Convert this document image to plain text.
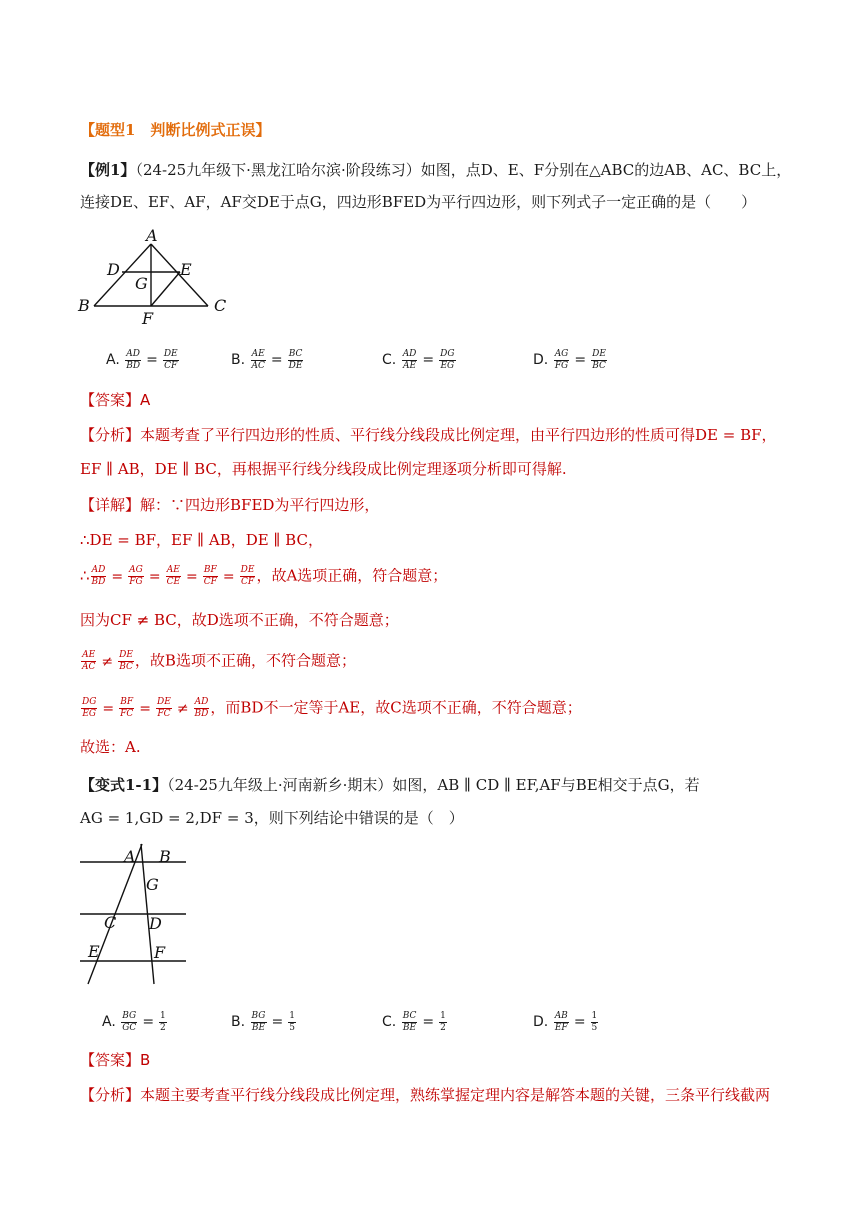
【题型1　判断比例式正误】
【例1】（24-25九年级下·黑龙江哈尔滨·阶段练习）如图，点D、E、F分别在△ABC的边AB、AC、BC上，
连接DE、EF、AF，AF交DE于点G，四边形BFED为平行四边形，则下列式子一定正确的是（　　）
A
D	E
G
B
F
C
A. $\frac{AD}{BD} = \frac{DE}{CF}$	B. $\frac{AE}{AC} = \frac{BC}{DE}$	C. $\frac{AD}{AE} = \frac{DG}{EG}$	D. $\frac{AG}{FG} = \frac{DE}{BC}$
【答案】A
【分析】本题考查了平行四边形的性质、平行线分线段成比例定理，由平行四边形的性质可得DE = BF，
EF ∥ AB，DE ∥ BC，再根据平行线分线段成比例定理逐项分析即可得解.
【详解】解：∵四边形BFED为平行四边形，
∴DE = BF，EF ∥ AB，DE ∥ BC，
∴ $\frac{AD}{BD} = \frac{AG}{FG} = \frac{AE}{CE} = \frac{BF}{CF} = \frac{DE}{CF}$ ，故A选项正确，符合题意；
因为CF ≠ BC，故D选项不正确，不符合题意；
$\frac{AE}{AC} \ne \frac{DE}{BC}$ ，故B选项不正确，不符合题意；
$\frac{DG}{EG} = \frac{BF}{FC} = \frac{DE}{FC} \ne \frac{AD}{BD}$ ，而BD不一定等于AE，故C选项不正确，不符合题意；
故选：A.
【变式1-1】（24-25九年级上·河南新乡·期末）如图，AB ∥ CD ∥ EF,AF与BE相交于点G，若
AG = 1,GD = 2,DF = 3，则下列结论中错误的是（　）
A B
G
C D
E	F
A. $\frac{BG}{GC} = \frac{1}{2}$	B. $\frac{BG}{BE} = \frac{1}{5}$	C. $\frac{BC}{BE} = \frac{1}{2}$	D. $\frac{AB}{EF} = \frac{1}{5}$
【答案】B
【分析】本题主要考查平行线分线段成比例定理，熟练掌握定理内容是解答本题的关键，三条平行线截两
